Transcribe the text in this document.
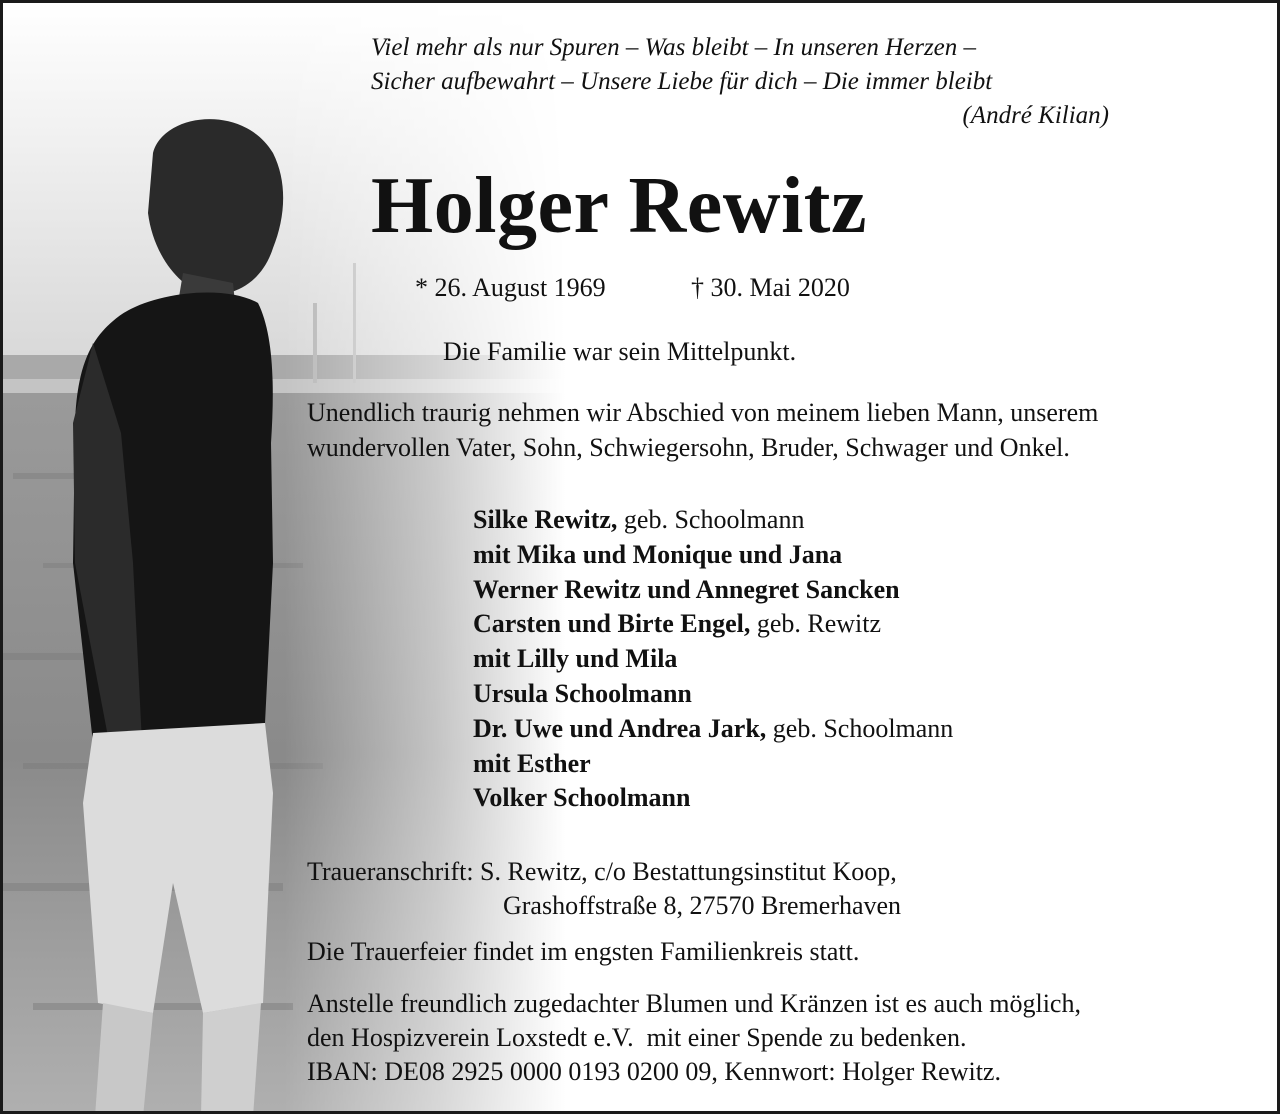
Viel mehr als nur Spuren – Was bleibt – In unseren Herzen –
Sicher aufbewahrt – Unsere Liebe für dich – Die immer bleibt
(André Kilian)
Holger Rewitz
* 26. August 1969	† 30. Mai 2020
Die Familie war sein Mittelpunkt.
Unendlich traurig nehmen wir Abschied von meinem lieben Mann, unserem
wundervollen Vater, Sohn, Schwiegersohn, Bruder, Schwager und Onkel.
Silke Rewitz, geb. Schoolmann
mit Mika und Monique und Jana
Werner Rewitz und Annegret Sancken
Carsten und Birte Engel, geb. Rewitz
mit Lilly und Mila
Ursula Schoolmann
Dr. Uwe und Andrea Jark, geb. Schoolmann
mit Esther
Volker Schoolmann
Traueranschrift: S. Rewitz, c/o Bestattungsinstitut Koop,
Grashoffstraße 8, 27570 Bremerhaven
Die Trauerfeier findet im engsten Familienkreis statt.
Anstelle freundlich zugedachter Blumen und Kränzen ist es auch möglich,
den Hospizverein Loxstedt e.V.  mit einer Spende zu bedenken.
IBAN: DE08 2925 0000 0193 0200 09, Kennwort: Holger Rewitz.
